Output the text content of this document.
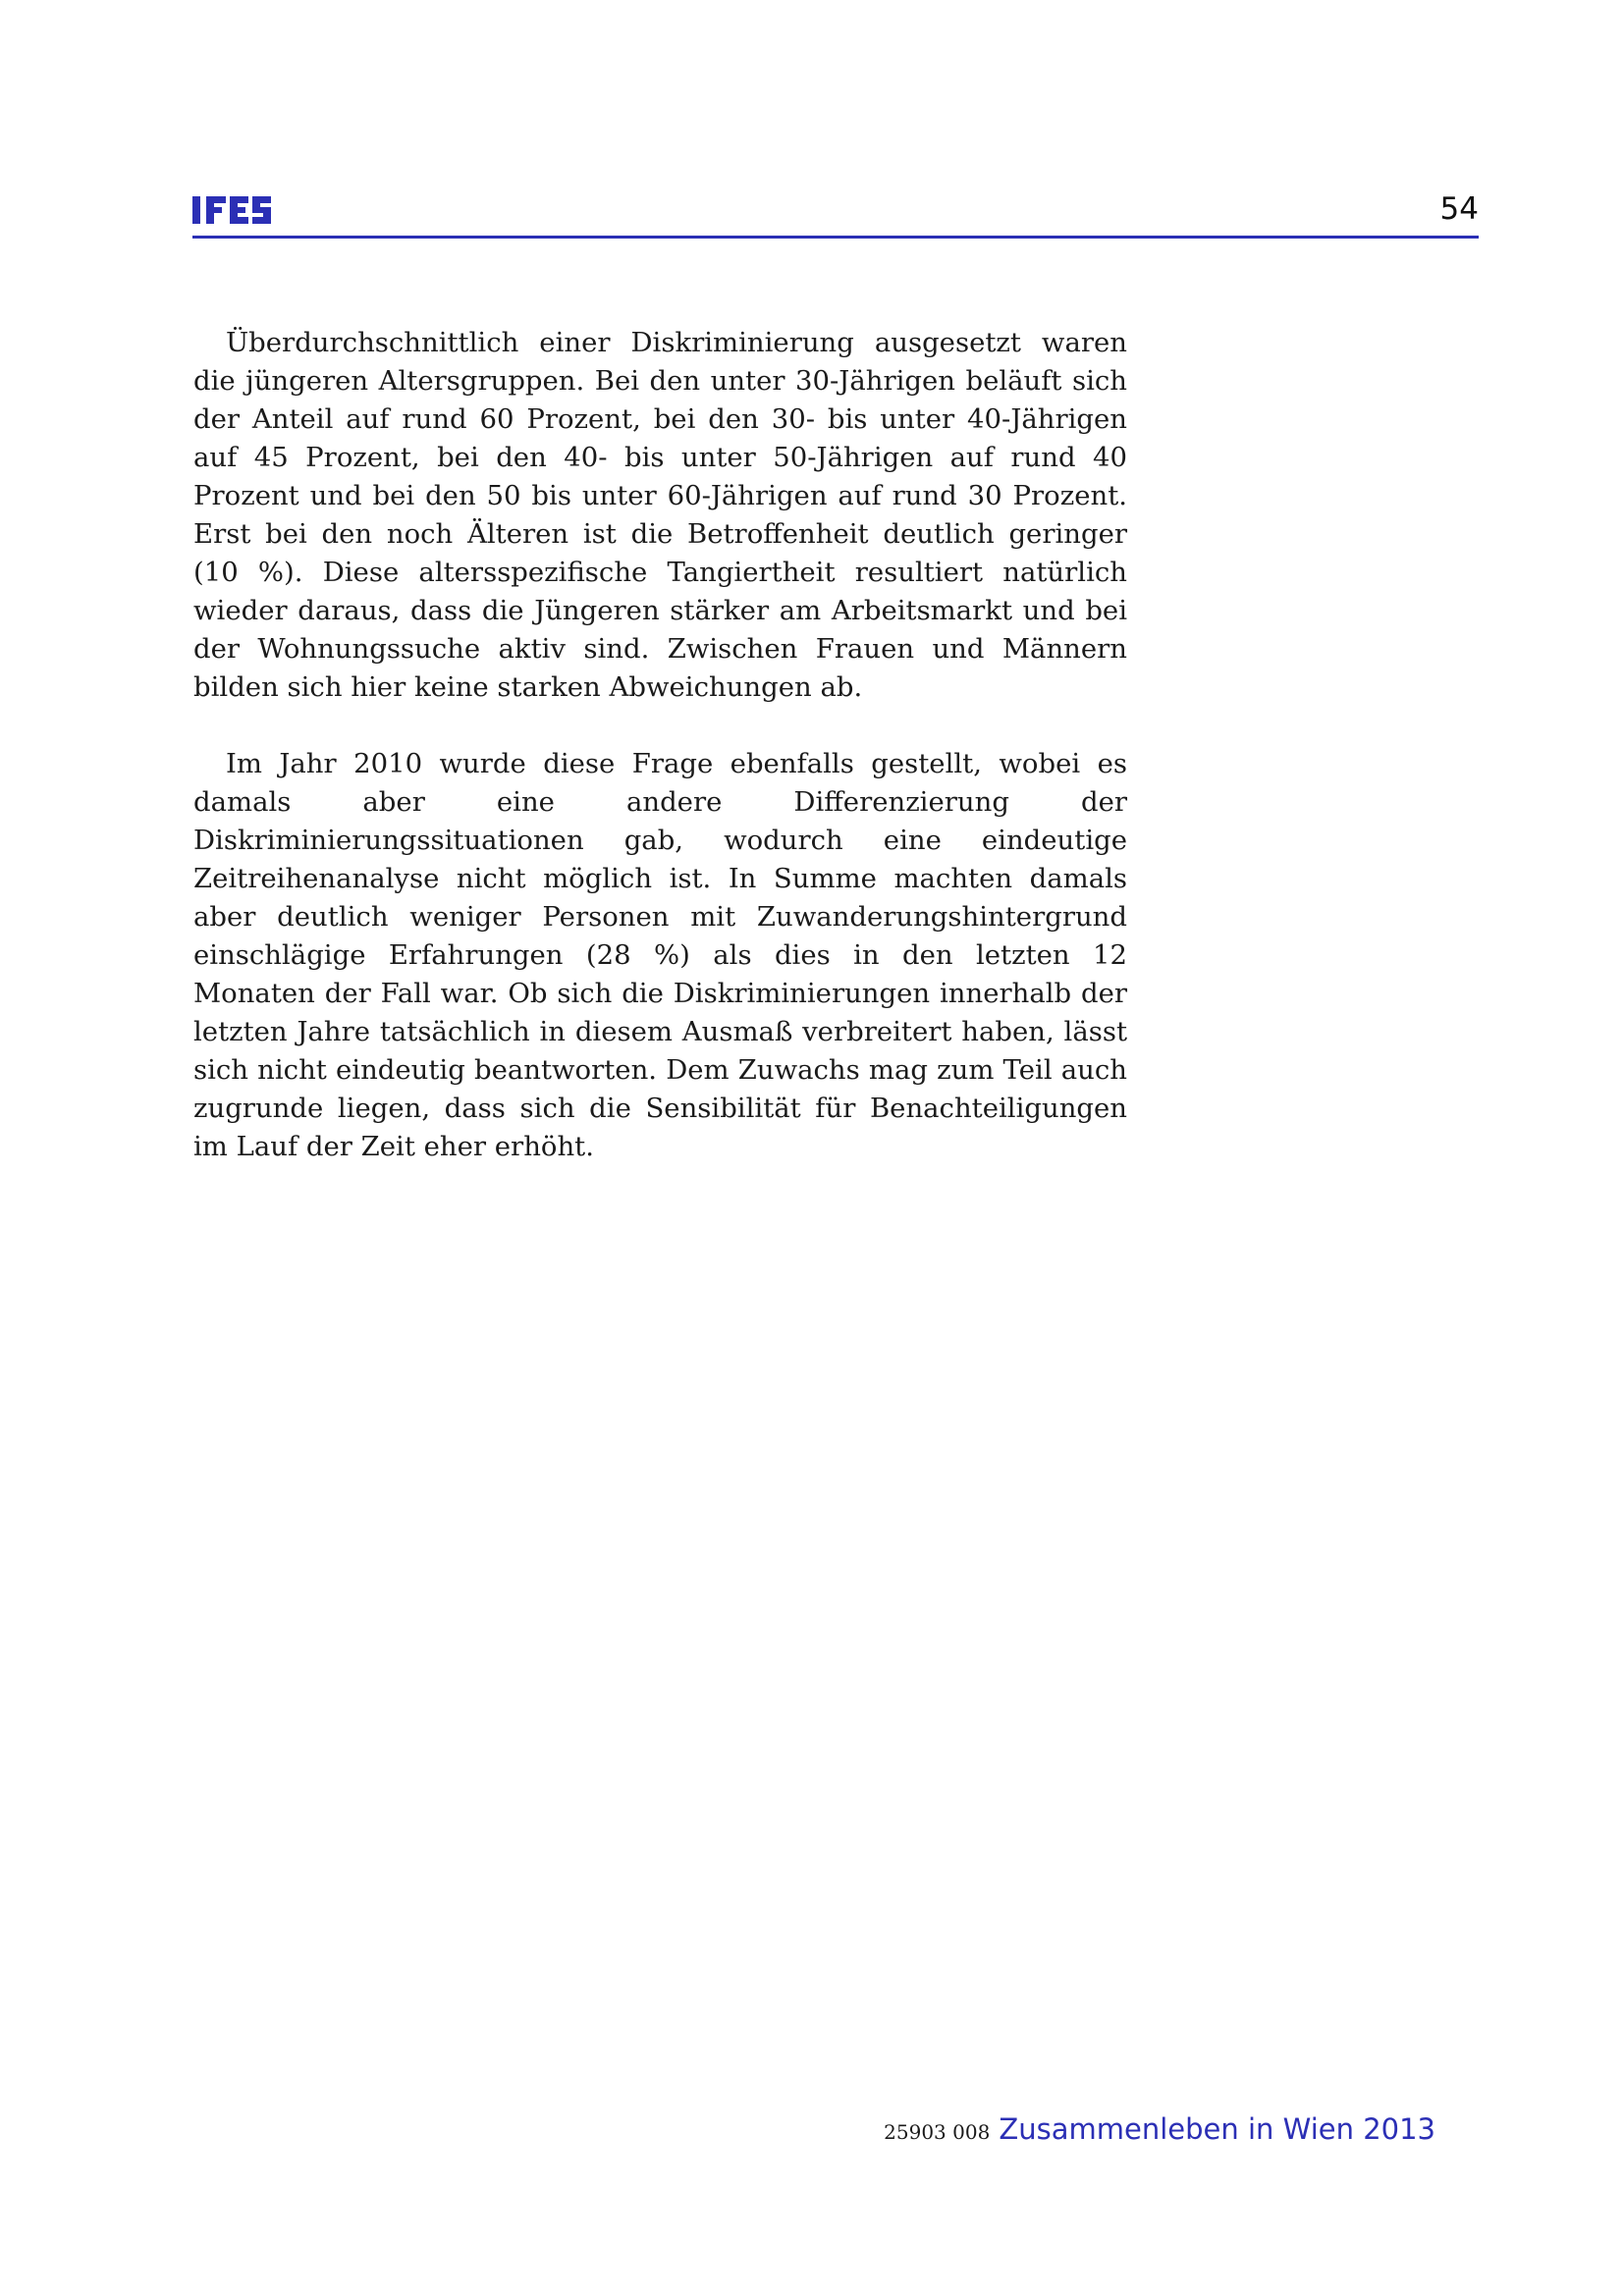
54

Überdurchschnittlich einer Diskriminierung ausgesetzt waren die jüngeren Altersgruppen. Bei den unter 30-Jährigen beläuft sich der Anteil auf rund 60 Prozent, bei den 30- bis unter 40-Jährigen auf 45 Prozent, bei den 40- bis unter 50-Jährigen auf rund 40 Prozent und bei den 50 bis unter 60-Jährigen auf rund 30 Prozent. Erst bei den noch Älteren ist die Betroffenheit deutlich geringer (10 %). Diese altersspezifische Tangiertheit resultiert natürlich wieder daraus, dass die Jüngeren stärker am Arbeitsmarkt und bei der Wohnungssuche aktiv sind. Zwischen Frauen und Männern bilden sich hier keine starken Abweichungen ab.

Im Jahr 2010 wurde diese Frage ebenfalls gestellt, wobei es damals aber eine andere Differenzierung der Diskriminierungssituationen gab, wodurch eine eindeutige Zeitreihenanalyse nicht möglich ist. In Summe machten damals aber deutlich weniger Personen mit Zuwanderungshintergrund einschlägige Erfahrungen (28 %) als dies in den letzten 12 Monaten der Fall war. Ob sich die Diskriminierungen innerhalb der letzten Jahre tatsächlich in diesem Ausmaß verbreitert haben, lässt sich nicht eindeutig beantworten. Dem Zuwachs mag zum Teil auch zugrunde liegen, dass sich die Sensibilität für Benachteiligungen im Lauf der Zeit eher erhöht.

25903 008 Zusammenleben in Wien 2013
